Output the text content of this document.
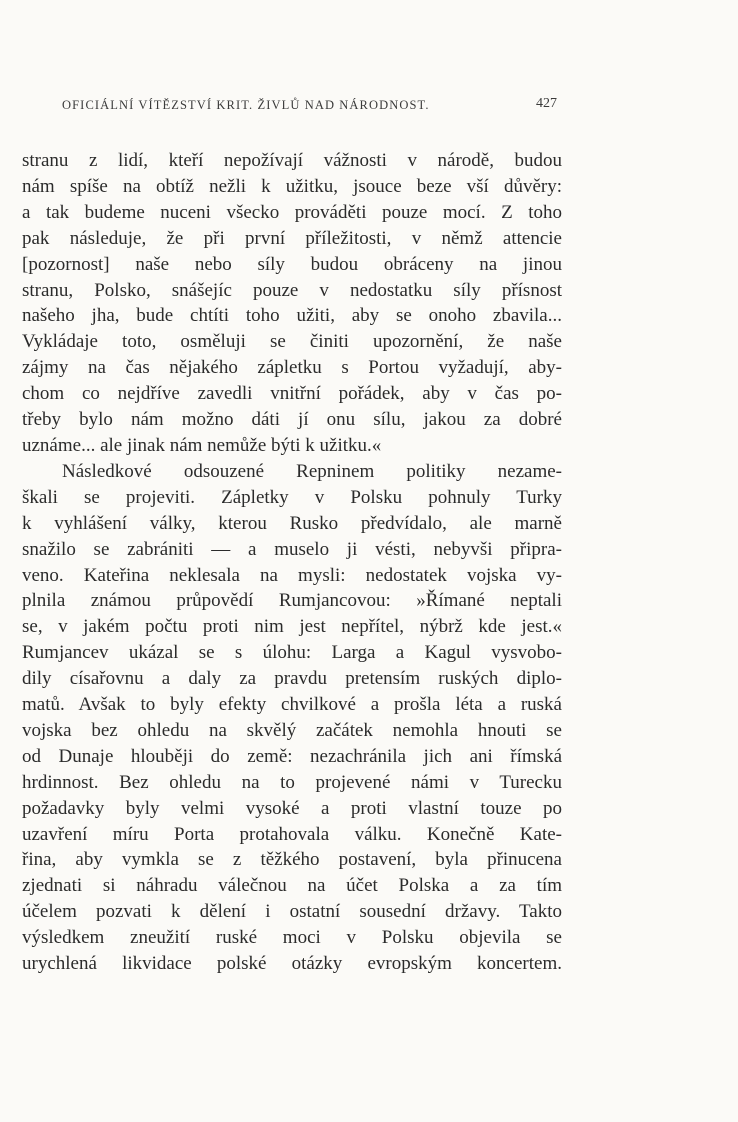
OFICIÁLNÍ VÍTĚZSTVÍ KRIT. ŽIVLŮ NAD NÁRODNOST.	427
stranu z lidí, kteří nepožívají vážnosti v národě, budou
nám spíše na obtíž nežli k užitku, jsouce beze vší důvěry:
a tak budeme nuceni všecko prováděti pouze mocí. Z toho
pak následuje, že při první příležitosti, v němž attencie
[pozornost] naše nebo síly budou obráceny na jinou
stranu, Polsko, snášejíc pouze v nedostatku síly přísnost
našeho jha, bude chtíti toho užiti, aby se onoho zbavila...
Vykládaje toto, osměluji se činiti upozornění, že naše
zájmy na čas nějakého zápletku s Portou vyžadují, aby-
chom co nejdříve zavedli vnitřní pořádek, aby v čas po-
třeby bylo nám možno dáti jí onu sílu, jakou za dobré
uznáme... ale jinak nám nemůže býti k užitku.«
Následkové odsouzené Repninem politiky nezame-
škali se projeviti. Zápletky v Polsku pohnuly Turky
k vyhlášení války, kterou Rusko předvídalo, ale marně
snažilo se zabrániti — a muselo ji vésti, nebyvši připra-
veno. Kateřina neklesala na mysli: nedostatek vojska vy-
plnila známou průpovědí Rumjancovou: »Římané neptali
se, v jakém počtu proti nim jest nepřítel, nýbrž kde jest.«
Rumjancev ukázal se s úlohu: Larga a Kagul vysvobo-
dily císařovnu a daly za pravdu pretensím ruských diplo-
matů. Avšak to byly efekty chvilkové a prošla léta a ruská
vojska bez ohledu na skvělý začátek nemohla hnouti se
od Dunaje hlouběji do země: nezachránila jich ani římská
hrdinnost. Bez ohledu na to projevené námi v Turecku
požadavky byly velmi vysoké a proti vlastní touze po
uzavření míru Porta protahovala válku. Konečně Kate-
řina, aby vymkla se z těžkého postavení, byla přinucena
zjednati si náhradu válečnou na účet Polska a za tím
účelem pozvati k dělení i ostatní sousední državy. Takto
výsledkem zneužití ruské moci v Polsku objevila se
urychlená likvidace polské otázky evropským koncertem.
